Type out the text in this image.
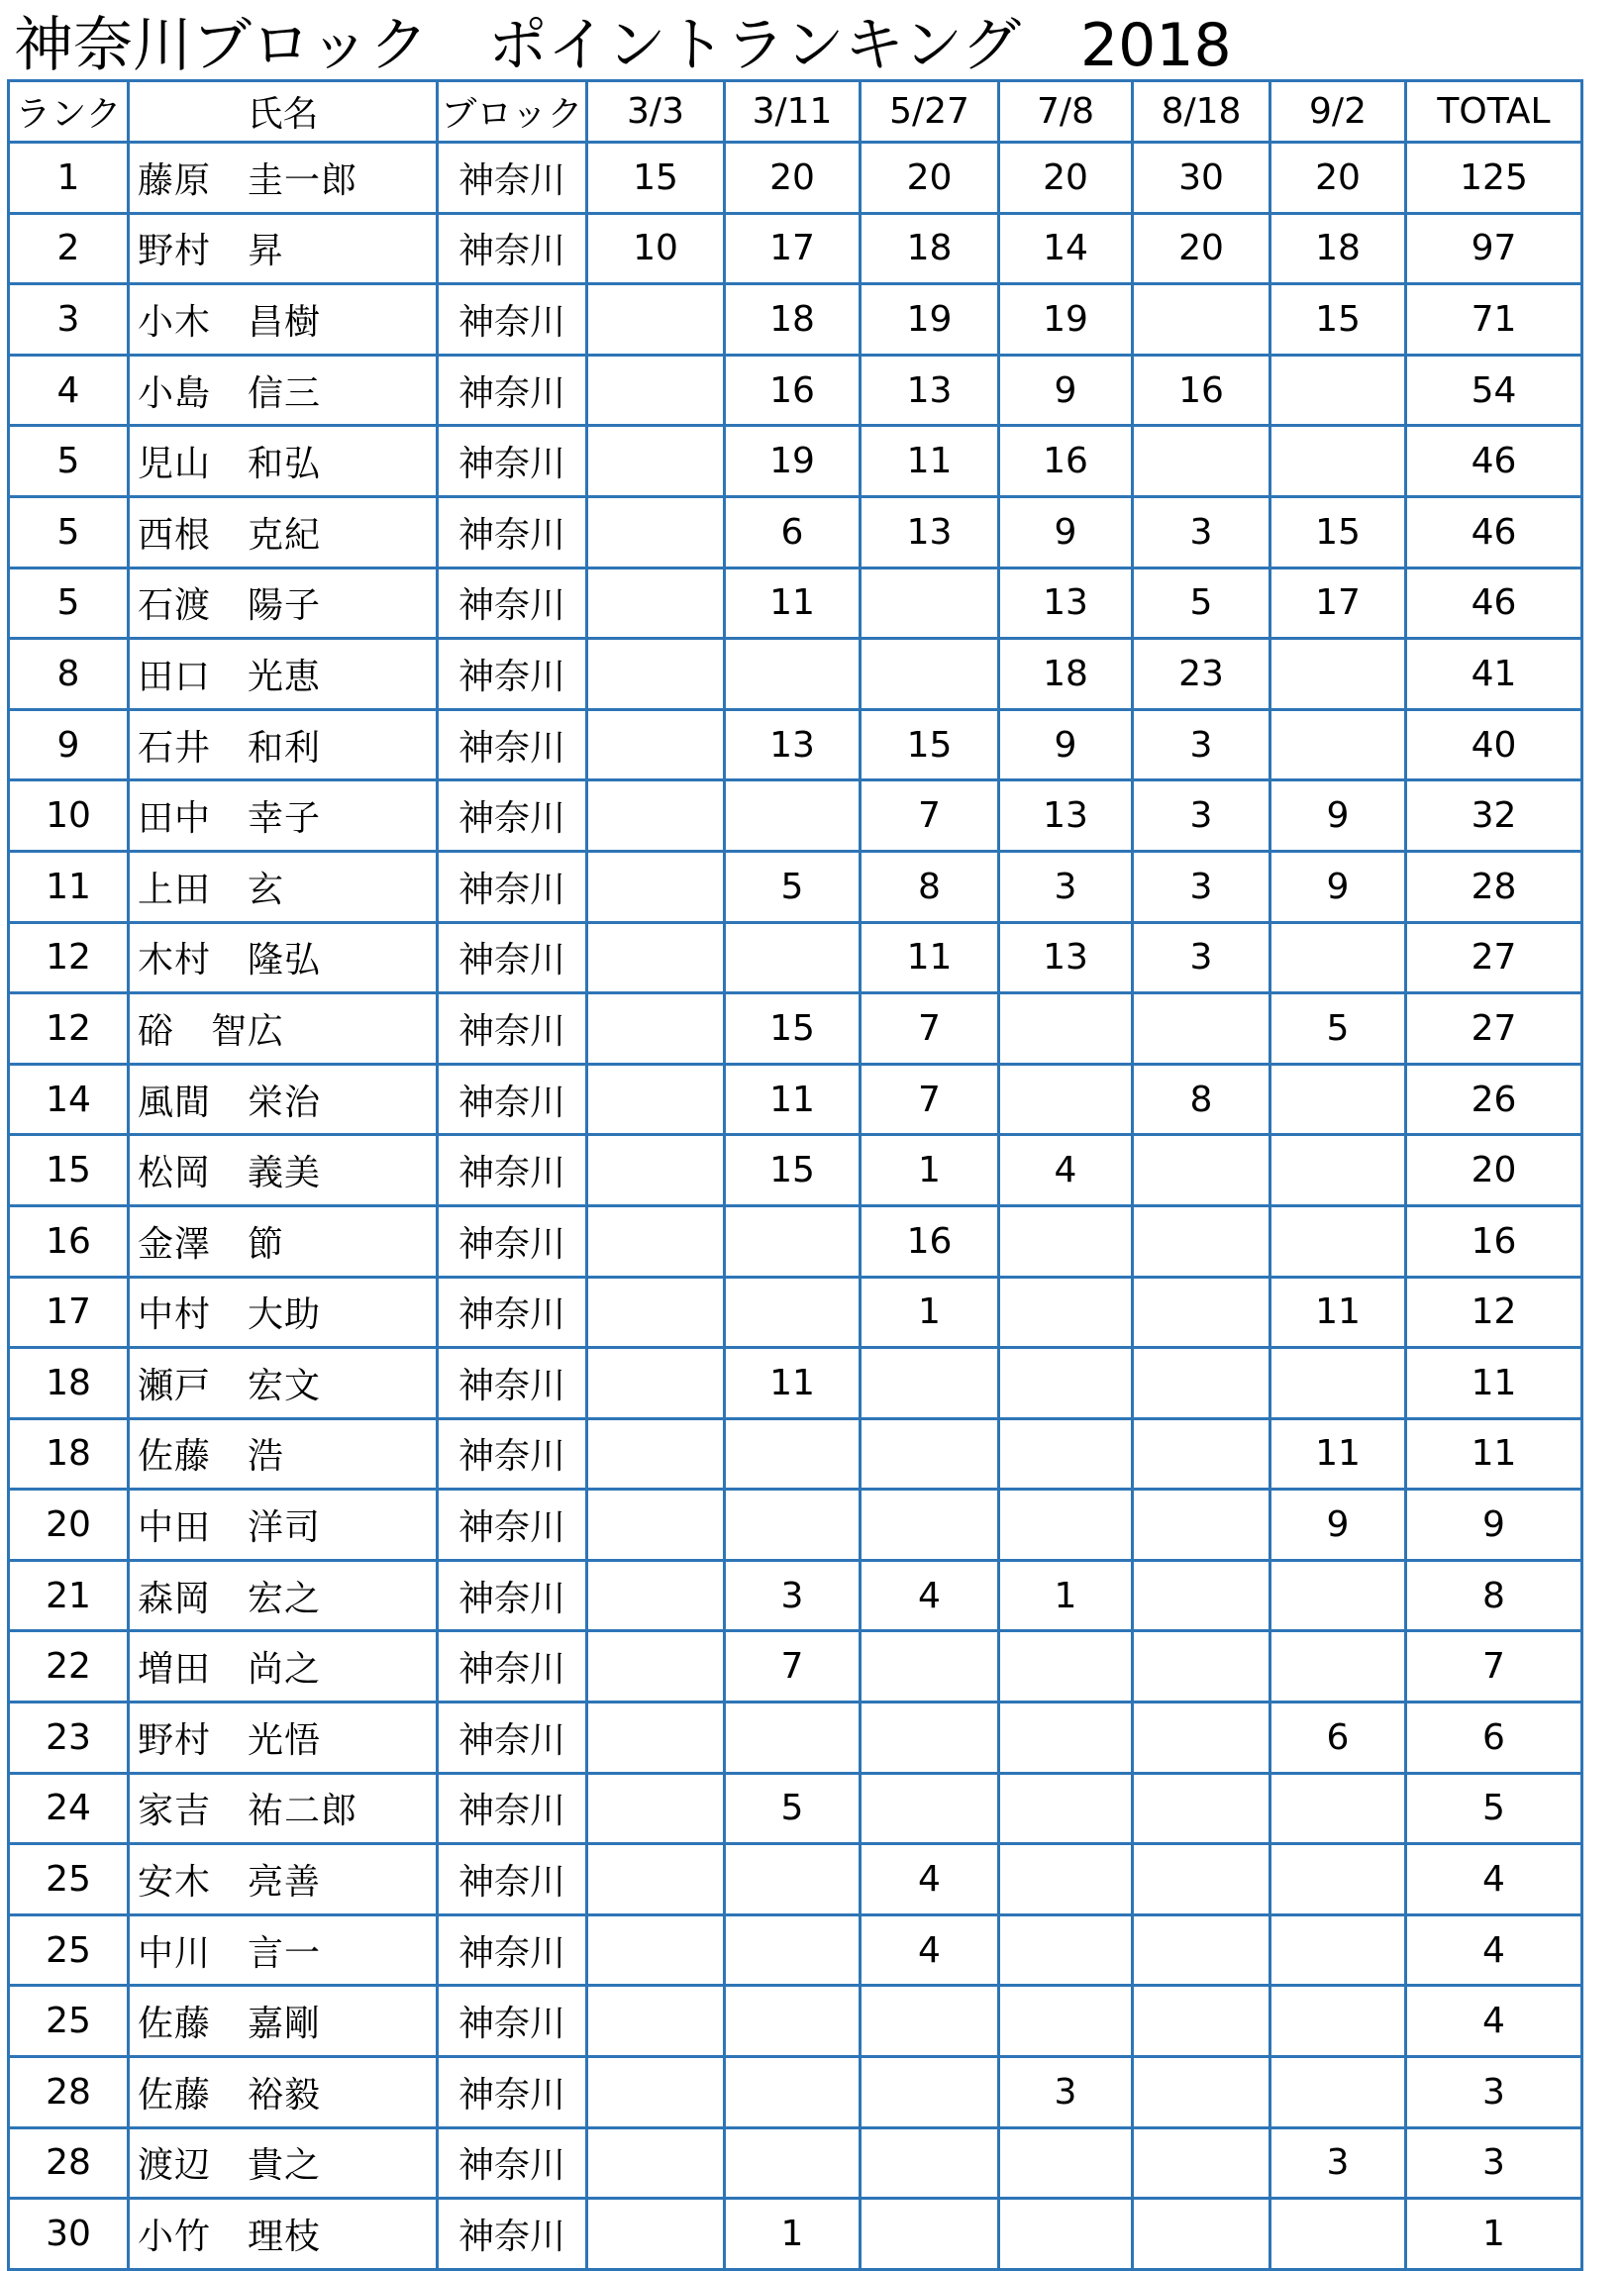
神奈川ブロック　ポイントランキング　2018
ランク	氏名	ブロック	3/3	3/11	5/27	7/8	8/18	9/2	TOTAL
1	藤原　圭一郎	神奈川	15	20	20	20	30	20	125
2	野村　昇	神奈川	10	17	18	14	20	18	97
3	小木　昌樹	神奈川		18	19	19		15	71
4	小島　信三	神奈川		16	13	9	16		54
5	児山　和弘	神奈川		19	11	16			46
5	西根　克紀	神奈川		6	13	9	3	15	46
5	石渡　陽子	神奈川		11		13	5	17	46
8	田口　光恵	神奈川				18	23		41
9	石井　和利	神奈川		13	15	9	3		40
10	田中　幸子	神奈川			7	13	3	9	32
11	上田　玄	神奈川		5	8	3	3	9	28
12	木村　隆弘	神奈川			11	13	3		27
12	硲　智広	神奈川		15	7			5	27
14	風間　栄治	神奈川		11	7		8		26
15	松岡　義美	神奈川		15	1	4			20
16	金澤　節	神奈川			16				16
17	中村　大助	神奈川			1			11	12
18	瀬戸　宏文	神奈川		11					11
18	佐藤　浩	神奈川						11	11
20	中田　洋司	神奈川						9	9
21	森岡　宏之	神奈川		3	4	1			8
22	増田　尚之	神奈川		7					7
23	野村　光悟	神奈川						6	6
24	家吉　祐二郎	神奈川		5					5
25	安木　亮善	神奈川			4				4
25	中川　言一	神奈川			4				4
25	佐藤　嘉剛	神奈川							4
28	佐藤　裕毅	神奈川				3			3
28	渡辺　貴之	神奈川						3	3
30	小竹　理枝	神奈川		1					1
